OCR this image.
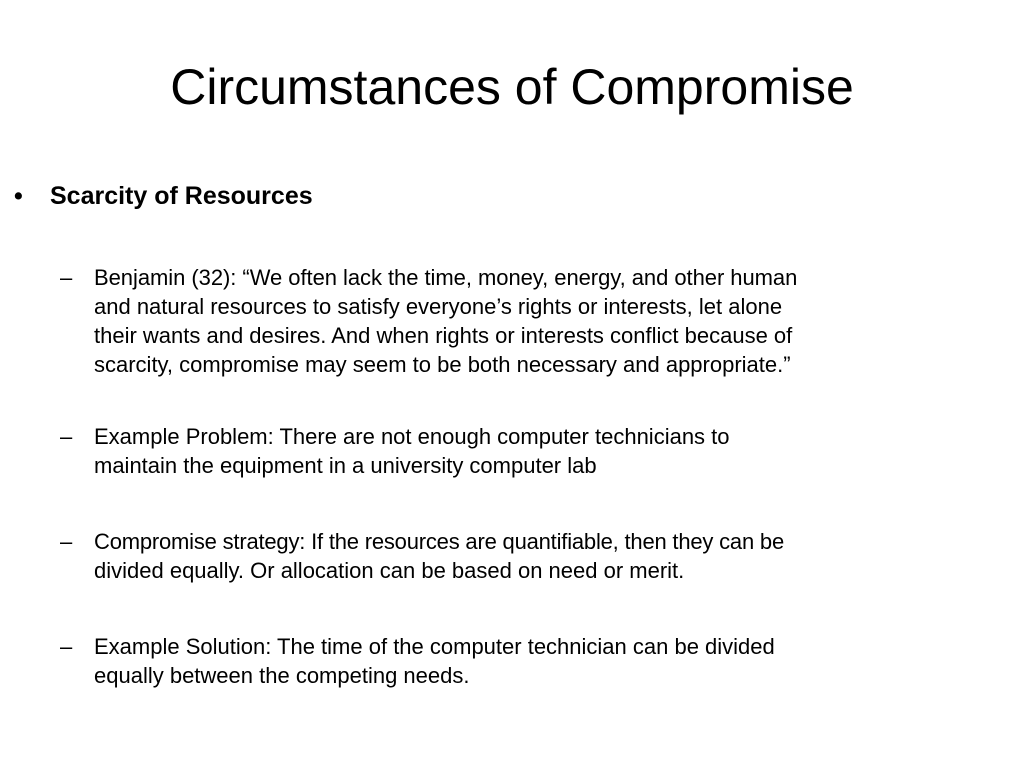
Circumstances of Compromise
•	Scarcity of Resources
– Benjamin (32): “We often lack the time, money, energy, and other human
and natural resources to satisfy everyone’s rights or interests, let alone
their wants and desires. And when rights or interests conflict because of
scarcity, compromise may seem to be both necessary and appropriate.”
– Example Problem: There are not enough computer technicians to
maintain the equipment in a university computer lab
– Compromise strategy: If the resources are quantifiable, then they can be
divided equally. Or allocation can be based on need or merit.
– Example Solution: The time of the computer technician can be divided
equally between the competing needs.
